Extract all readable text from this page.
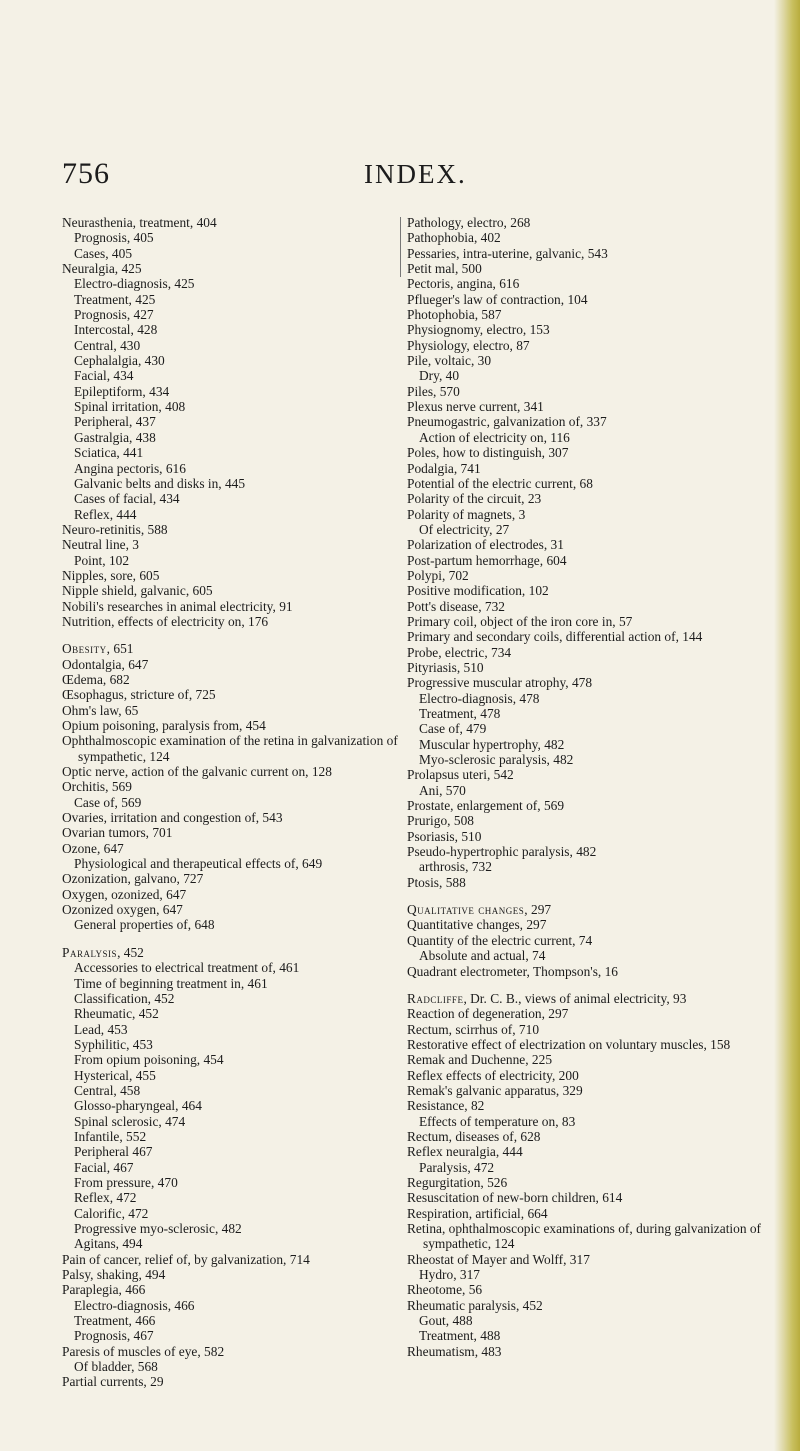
756	INDEX.
Neurasthenia, treatment, 404
Prognosis, 405
Cases, 405
Neuralgia, 425
Electro-diagnosis, 425
Treatment, 425
Prognosis, 427
Intercostal, 428
Central, 430
Cephalalgia, 430
Facial, 434
Epileptiform, 434
Spinal irritation, 408
Peripheral, 437
Gastralgia, 438
Sciatica, 441
Angina pectoris, 616
Galvanic belts and disks in, 445
Cases of facial, 434
Reflex, 444
Neuro-retinitis, 588
Neutral line, 3
Point, 102
Nipples, sore, 605
Nipple shield, galvanic, 605
Nobili's researches in animal electricity, 91
Nutrition, effects of electricity on, 176
Obesity, 651
Odontalgia, 647
Œdema, 682
Œsophagus, stricture of, 725
Ohm's law, 65
Opium poisoning, paralysis from, 454
Ophthalmoscopic examination of the retina in galvanization of sympathetic, 124
Optic nerve, action of the galvanic current on, 128
Orchitis, 569
Case of, 569
Ovaries, irritation and congestion of, 543
Ovarian tumors, 701
Ozone, 647
Physiological and therapeutical effects of, 649
Ozonization, galvano, 727
Oxygen, ozonized, 647
Ozonized oxygen, 647
General properties of, 648
Paralysis, 452
Accessories to electrical treatment of, 461
Time of beginning treatment in, 461
Classification, 452
Rheumatic, 452
Lead, 453
Syphilitic, 453
From opium poisoning, 454
Hysterical, 455
Central, 458
Glosso-pharyngeal, 464
Spinal sclerosic, 474
Infantile, 552
Peripheral 467
Facial, 467
From pressure, 470
Reflex, 472
Calorific, 472
Progressive myo-sclerosic, 482
Agitans, 494
Pain of cancer, relief of, by galvanization, 714
Palsy, shaking, 494
Paraplegia, 466
Electro-diagnosis, 466
Treatment, 466
Prognosis, 467
Paresis of muscles of eye, 582
Of bladder, 568
Partial currents, 29
Pathology, electro, 268
Pathophobia, 402
Pessaries, intra-uterine, galvanic, 543
Petit mal, 500
Pectoris, angina, 616
Pflueger's law of contraction, 104
Photophobia, 587
Physiognomy, electro, 153
Physiology, electro, 87
Pile, voltaic, 30
Dry, 40
Piles, 570
Plexus nerve current, 341
Pneumogastric, galvanization of, 337
Action of electricity on, 116
Poles, how to distinguish, 307
Podalgia, 741
Potential of the electric current, 68
Polarity of the circuit, 23
Polarity of magnets, 3
Of electricity, 27
Polarization of electrodes, 31
Post-partum hemorrhage, 604
Polypi, 702
Positive modification, 102
Pott's disease, 732
Primary coil, object of the iron core in, 57
Primary and secondary coils, differential action of, 144
Probe, electric, 734
Pityriasis, 510
Progressive muscular atrophy, 478
Electro-diagnosis, 478
Treatment, 478
Case of, 479
Muscular hypertrophy, 482
Myo-sclerosic paralysis, 482
Prolapsus uteri, 542
Ani, 570
Prostate, enlargement of, 569
Prurigo, 508
Psoriasis, 510
Pseudo-hypertrophic paralysis, 482
arthrosis, 732
Ptosis, 588
Qualitative changes, 297
Quantitative changes, 297
Quantity of the electric current, 74
Absolute and actual, 74
Quadrant electrometer, Thompson's, 16
Radcliffe, Dr. C. B., views of animal electricity, 93
Reaction of degeneration, 297
Rectum, scirrhus of, 710
Restorative effect of electrization on voluntary muscles, 158
Remak and Duchenne, 225
Reflex effects of electricity, 200
Remak's galvanic apparatus, 329
Resistance, 82
Effects of temperature on, 83
Rectum, diseases of, 628
Reflex neuralgia, 444
Paralysis, 472
Regurgitation, 526
Resuscitation of new-born children, 614
Respiration, artificial, 664
Retina, ophthalmoscopic examinations of, during galvanization of sympathetic, 124
Rheostat of Mayer and Wolff, 317
Hydro, 317
Rheotome, 56
Rheumatic paralysis, 452
Gout, 488
Treatment, 488
Rheumatism, 483
